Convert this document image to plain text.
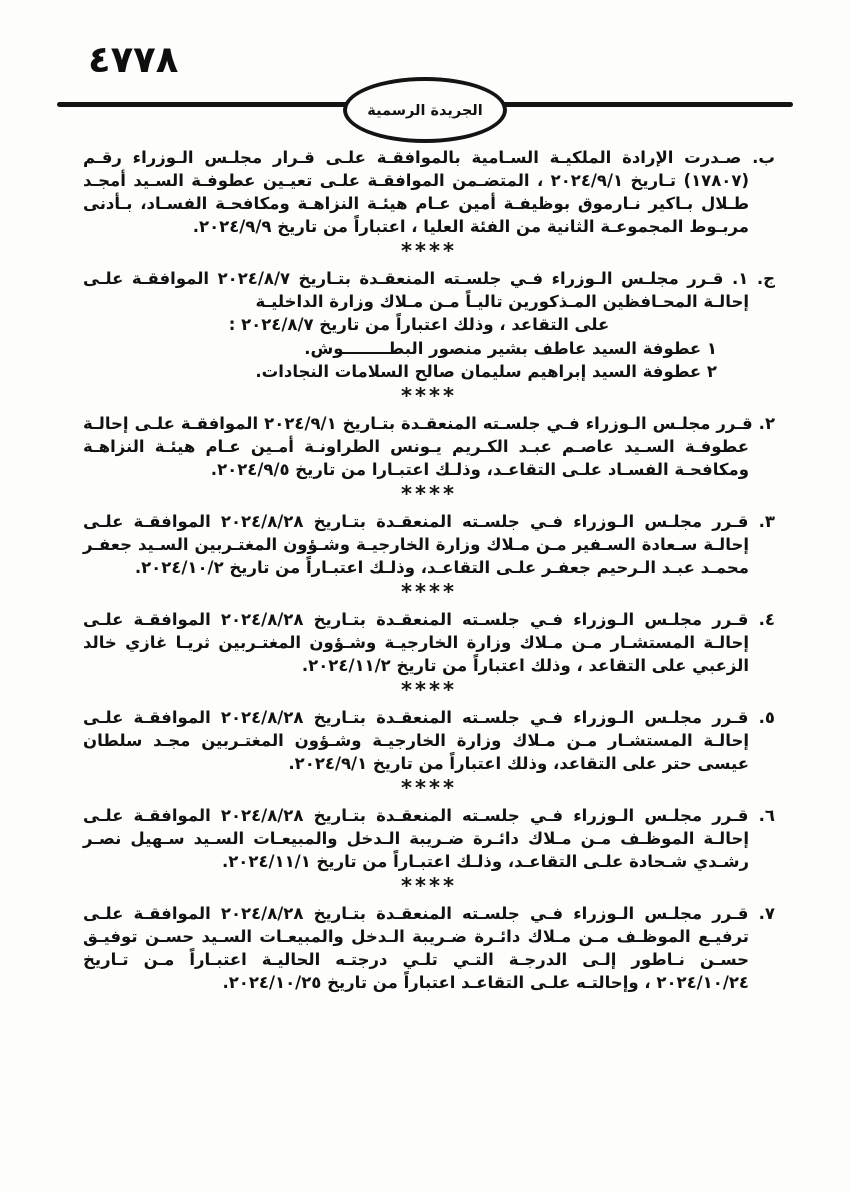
٤٧٧٨
الجريدة الرسمية

ب. صـدرت الإرادة الملكيـة السـامية بالموافقـة علـى قـرار مجلـس الـوزراء رقـم (١٧٨٠٧) تـاريخ ٢٠٢٤/٩/١ ، المتضـمن الموافقـة علـى تعيـين عطوفـة السـيد أمجـد طـلال بـاكير نـارموق بوظيفـة أمين عـام هيئـة النزاهـة ومكافحـة الفسـاد، بـأدنى مربـوط المجموعـة الثانية من الفئة العليا ، اعتباراً من تاريخ ٢٠٢٤/٩/٩.

****

ج. ١. قـرر مجلـس الـوزراء فـي جلسـته المنعقـدة بتـاريخ ٢٠٢٤/٨/٧ الموافقـة علـى إحالـة المحـافظين المـذكورين تاليـاً مـن مـلاك وزارة الداخليـة

على التقاعد ، وذلك اعتباراً من تاريخ ٢٠٢٤/٨/٧ :
١ عطوفة السيد عاطف بشير منصور البطــــــــوش.
٢ عطوفة السيد إبراهيم سليمان صالح السلامات النجادات.
****

٢. قـرر مجلـس الـوزراء فـي جلسـته المنعقـدة بتـاريخ ٢٠٢٤/٩/١ الموافقـة علـى إحالـة عطوفـة السـيد عاصـم عبـد الكـريم يـونس الطراونـة أمـين عـام هيئـة النزاهـة ومكافحـة الفسـاد علـى التقاعـد، وذلـك اعتبـارا من تاريخ ٢٠٢٤/٩/٥.

****

٣. قـرر مجلـس الـوزراء فـي جلسـته المنعقـدة بتـاريخ ٢٠٢٤/٨/٢٨ الموافقـة علـى إحالـة سـعادة السـفير مـن مـلاك وزارة الخارجيـة وشـؤون المغتـربين السـيد جعفـر محمـد عبـد الـرحيم جعفـر علـى التقاعـد، وذلـك اعتبـاراً من تاريخ ٢٠٢٤/١٠/٢.

****

٤. قـرر مجلـس الـوزراء فـي جلسـته المنعقـدة بتـاريخ ٢٠٢٤/٨/٢٨ الموافقـة علـى إحالـة المستشـار مـن مـلاك وزارة الخارجيـة وشـؤون المغتـربين ثريـا غازي خالد الزعبي على التقاعد ، وذلك اعتباراً من تاريخ ٢٠٢٤/١١/٢.

****

٥. قـرر مجلـس الـوزراء فـي جلسـته المنعقـدة بتـاريخ ٢٠٢٤/٨/٢٨ الموافقـة علـى إحالـة المستشـار مـن مـلاك وزارة الخارجيـة وشـؤون المغتـربين مجـد سلطان عيسى حتر على التقاعد، وذلك اعتباراً من تاريخ ٢٠٢٤/٩/١.

****

٦. قـرر مجلـس الـوزراء فـي جلسـته المنعقـدة بتـاريخ ٢٠٢٤/٨/٢٨ الموافقـة علـى إحالـة الموظـف مـن مـلاك دائـرة ضـريبة الـدخل والمبيعـات السـيد سـهيل نصـر رشـدي شـحادة علـى التقاعـد، وذلـك اعتبـاراً من تاريخ ٢٠٢٤/١١/١.

****

٧. قـرر مجلـس الـوزراء فـي جلسـته المنعقـدة بتـاريخ ٢٠٢٤/٨/٢٨ الموافقـة علـى ترفيـع الموظـف مـن مـلاك دائـرة ضـريبة الـدخل والمبيعـات السـيد حسـن توفيـق حسـن نـاطور إلـى الدرجـة التـي تلـي درجتـه الحاليـة اعتبـاراً مـن تـاريخ ٢٠٢٤/١٠/٢٤ ، وإحالتـه علـى التقاعـد اعتباراً من تاريخ ٢٠٢٤/١٠/٢٥.
